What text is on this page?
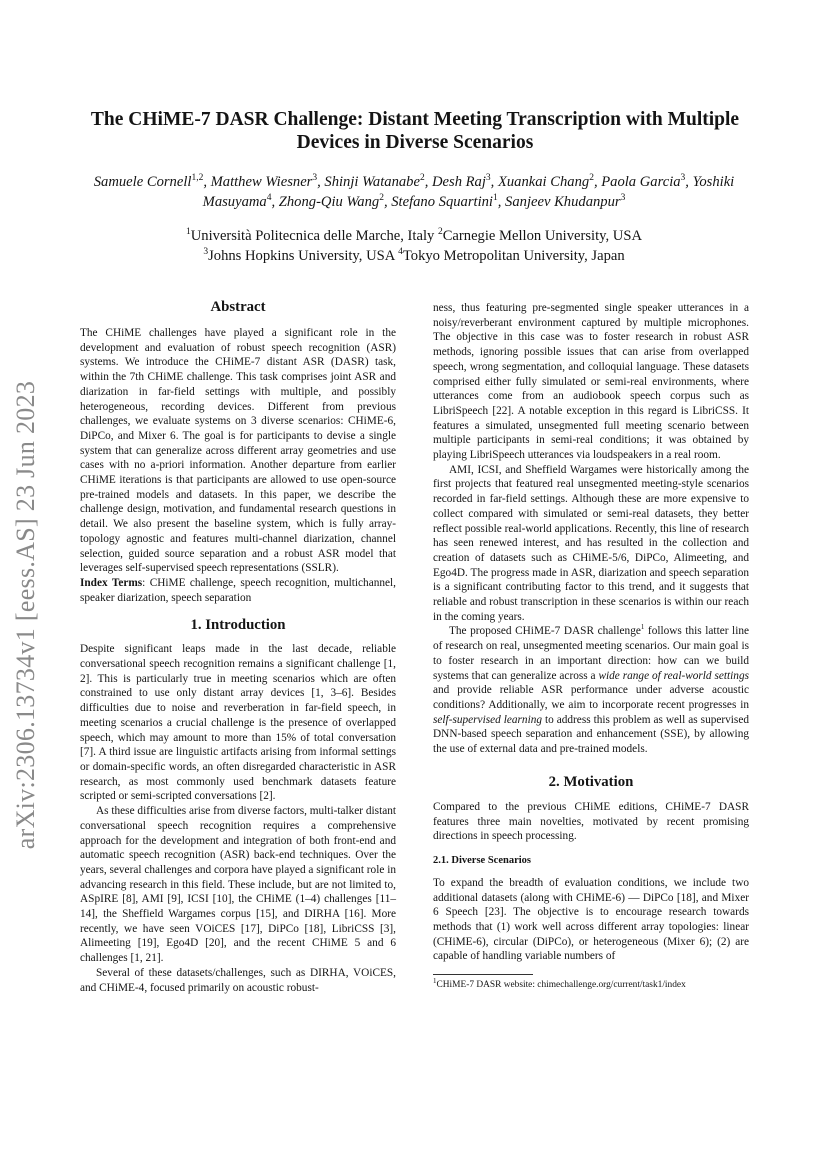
arXiv:2306.13734v1 [eess.AS] 23 Jun 2023
The CHiME-7 DASR Challenge: Distant Meeting Transcription with Multiple Devices in Diverse Scenarios
Samuele Cornell$^{1,2}$, Matthew Wiesner$^3$, Shinji Watanabe$^2$, Desh Raj$^3$, Xuankai Chang$^2$, Paola Garcia$^3$, Yoshiki Masuyama$^4$, Zhong-Qiu Wang$^2$, Stefano Squartini$^1$, Sanjeev Khudanpur$^3$
$^1$Università Politecnica delle Marche, Italy $^2$Carnegie Mellon University, USA
$^3$Johns Hopkins University, USA $^4$Tokyo Metropolitan University, Japan
Abstract

The CHiME challenges have played a significant role in the development and evaluation of robust speech recognition (ASR) systems. We introduce the CHiME-7 distant ASR (DASR) task, within the 7th CHiME challenge. This task comprises joint ASR and diarization in far-field settings with multiple, and possibly heterogeneous, recording devices. Different from previous challenges, we evaluate systems on 3 diverse scenarios: CHiME-6, DiPCo, and Mixer 6. The goal is for participants to devise a single system that can generalize across different array geometries and use cases with no a-priori information. Another departure from earlier CHiME iterations is that participants are allowed to use open-source pre-trained models and datasets. In this paper, we describe the challenge design, motivation, and fundamental research questions in detail. We also present the baseline system, which is fully array-topology agnostic and features multi-channel diarization, channel selection, guided source separation and a robust ASR model that leverages self-supervised speech representations (SSLR).

Index Terms: CHiME challenge, speech recognition, multichannel, speaker diarization, speech separation

1. Introduction

Despite significant leaps made in the last decade, reliable conversational speech recognition remains a significant challenge [1, 2]. This is particularly true in meeting scenarios which are often constrained to use only distant array devices [1, 3–6]. Besides difficulties due to noise and reverberation in far-field speech, in meeting scenarios a crucial challenge is the presence of overlapped speech, which may amount to more than 15% of total conversation [7]. A third issue are linguistic artifacts arising from informal settings or domain-specific words, an often disregarded characteristic in ASR research, as most commonly used benchmark datasets feature scripted or semi-scripted conversations [2].

As these difficulties arise from diverse factors, multi-talker distant conversational speech recognition requires a comprehensive approach for the development and integration of both front-end and automatic speech recognition (ASR) back-end techniques. Over the years, several challenges and corpora have played a significant role in advancing research in this field. These include, but are not limited to, ASpIRE [8], AMI [9], ICSI [10], the CHiME (1–4) challenges [11–14], the Sheffield Wargames corpus [15], and DIRHA [16]. More recently, we have seen VOiCES [17], DiPCo [18], LibriCSS [3], Alimeeting [19], Ego4D [20], and the recent CHiME 5 and 6 challenges [1, 21].

Several of these datasets/challenges, such as DIRHA, VOiCES, and CHiME-4, focused primarily on acoustic robust-

ness, thus featuring pre-segmented single speaker utterances in a noisy/reverberant environment captured by multiple microphones. The objective in this case was to foster research in robust ASR methods, ignoring possible issues that can arise from overlapped speech, wrong segmentation, and colloquial language. These datasets comprised either fully simulated or semi-real environments, where utterances come from an audiobook speech corpus such as LibriSpeech [22]. A notable exception in this regard is LibriCSS. It features a simulated, unsegmented full meeting scenario between multiple participants in semi-real conditions; it was obtained by playing LibriSpeech utterances via loudspeakers in a real room.

AMI, ICSI, and Sheffield Wargames were historically among the first projects that featured real unsegmented meeting-style scenarios recorded in far-field settings. Although these are more expensive to collect compared with simulated or semi-real datasets, they better reflect possible real-world applications. Recently, this line of research has seen renewed interest, and has resulted in the collection and creation of datasets such as CHiME-5/6, DiPCo, Alimeeting, and Ego4D. The progress made in ASR, diarization and speech separation is a significant contributing factor to this trend, and it suggests that reliable and robust transcription in these scenarios is within our reach in the coming years.

The proposed CHiME-7 DASR challenge$^1$ follows this latter line of research on real, unsegmented meeting scenarios. Our main goal is to foster research in an important direction: how can we build systems that can generalize across a wide range of real-world settings and provide reliable ASR performance under adverse acoustic conditions? Additionally, we aim to incorporate recent progresses in self-supervised learning to address this problem as well as supervised DNN-based speech separation and enhancement (SSE), by allowing the use of external data and pre-trained models.

2. Motivation

Compared to the previous CHiME editions, CHiME-7 DASR features three main novelties, motivated by recent promising directions in speech processing.

2.1. Diverse Scenarios

To expand the breadth of evaluation conditions, we include two additional datasets (along with CHiME-6) — DiPCo [18], and Mixer 6 Speech [23]. The objective is to encourage research towards methods that (1) work well across different array topologies: linear (CHiME-6), circular (DiPCo), or heterogeneous (Mixer 6); (2) are capable of handling variable numbers of

$^1$CHiME-7 DASR website: chimechallenge.org/current/task1/index
